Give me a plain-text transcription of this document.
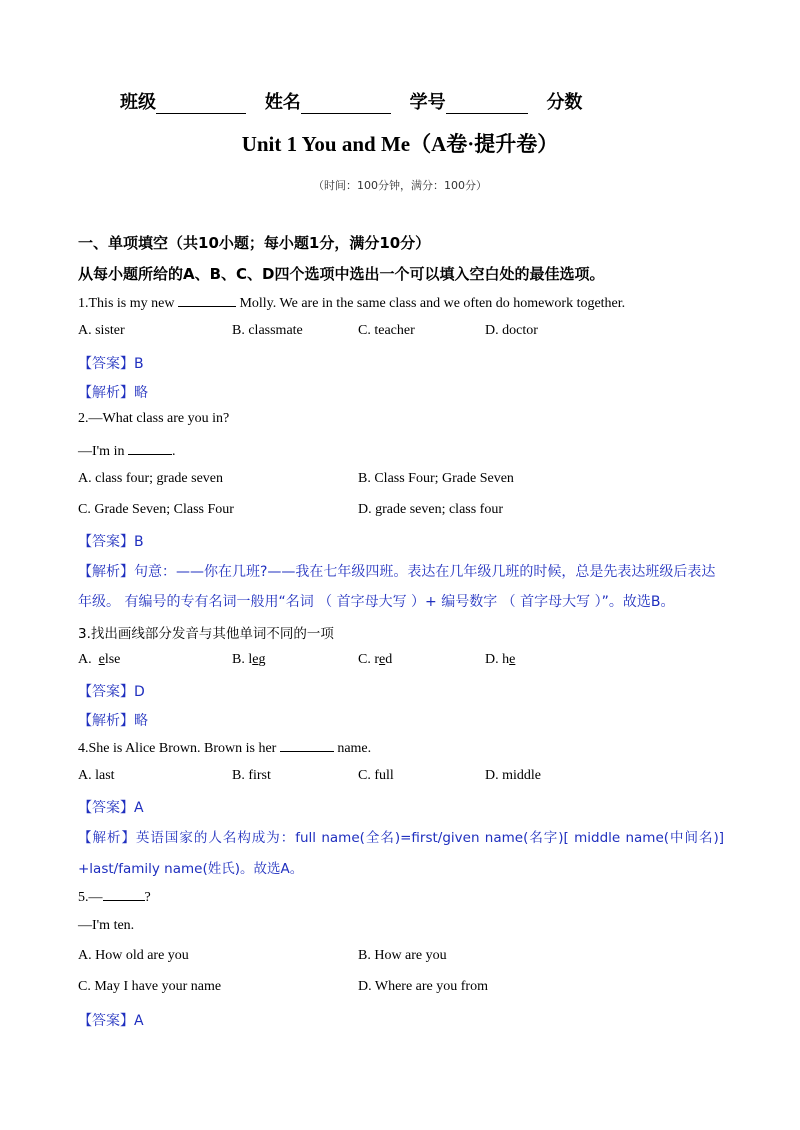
班级	姓名	学号	分数
Unit 1 You and Me（A卷·提升卷）
（时间：100分钟，满分：100分）
一、单项填空（共10小题；每小题1分，满分10分）
从每小题所给的A、B、C、D四个选项中选出一个可以填入空白处的最佳选项。
1.This is my new	Molly. We are in the same class and we often do homework together.
A. sister	B. classmate	C. teacher	D. doctor
【答案】B
【解析】略
2.—What class are you in?
—I'm in	.
A. class four; grade seven	B. Class Four; Grade Seven
C. Grade Seven; Class Four	D. grade seven; class four
【答案】B
【解析】句意：——你在几班?——我在七年级四班。表达在几年级几班的时候，总是先表达班级后表达
年级。 有编号的专有名词一般用“名词 （ 首字母大写 ）+ 编号数字 （ 首字母大写 ）”。故选B。
3.找出画线部分发音与其他单词不同的一项
A. else	B. leg	C. red	D. he
【答案】D
【解析】略
4.She is Alice Brown. Brown is her	name.
A. last	B. first	C. full	D. middle
【答案】A
【解析】英语国家的人名构成为：full name(全名)=first/given name(名字)[ middle name(中间名)]
+last/family name(姓氏)。故选A。
5.—	?
—I'm ten.
A. How old are you	B. How are you
C. May I have your name	D. Where are you from
【答案】A
